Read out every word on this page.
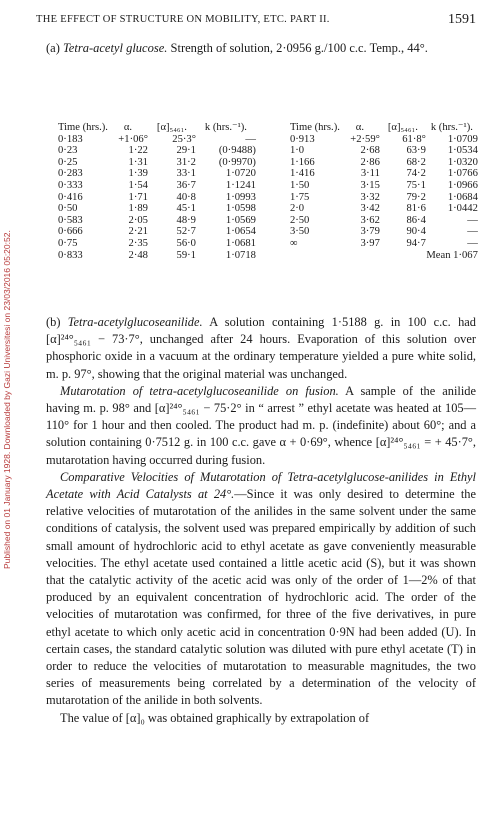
Published on 01 January 1928. Downloaded by Gazi Universitesi on 23/03/2016 05:20:52.
THE EFFECT OF STRUCTURE ON MOBILITY, ETC. PART II.	1591
(a) Tetra-acetyl glucose. Strength of solution, 2·0956 g./100 c.c. Temp., 44°.
Time (hrs.).	α.	[α]₅₄₆₁.	k (hrs.⁻¹).		Time (hrs.).	α.	[α]₅₄₆₁.	k (hrs.⁻¹).
0·183	+1·06°	25·3°	—		0·913	+2·59°	61·8°	1·0709
0·23	1·22	29·1	(0·9488)		1·0	2·68	63·9	1·0534
0·25	1·31	31·2	(0·9970)		1·166	2·86	68·2	1·0320
0·283	1·39	33·1	1·0720		1·416	3·11	74·2	1·0766
0·333	1·54	36·7	1·1241		1·50	3·15	75·1	1·0966
0·416	1·71	40·8	1·0993		1·75	3·32	79·2	1·0684
0·50	1·89	45·1	1·0598		2·0	3·42	81·6	1·0442
0·583	2·05	48·9	1·0569		2·50	3·62	86·4	—
0·666	2·21	52·7	1·0654		3·50	3·79	90·4	—
0·75	2·35	56·0	1·0681		∞	3·97	94·7	—
0·833	2·48	59·1	1·0718		Mean 1·067			

(b) Tetra-acetylglucoseanilide. A solution containing 1·5188 g. in 100 c.c. had [α]²⁴°₅₄₆₁ − 73·7°, unchanged after 24 hours. Evaporation of this solution over phosphoric oxide in a vacuum at the ordinary temperature yielded a pure white solid, m. p. 97°, showing that the original material was unchanged.

Mutarotation of tetra-acetylglucoseanilide on fusion. A sample of the anilide having m. p. 98° and [α]²⁴°₅₄₆₁ − 75·2° in “ arrest ” ethyl acetate was heated at 105—110° for 1 hour and then cooled. The product had m. p. (indefinite) about 60°; and a solution containing 0·7512 g. in 100 c.c. gave α + 0·69°, whence [α]²⁴°₅₄₆₁ = + 45·7°, mutarotation having occurred during fusion.

Comparative Velocities of Mutarotation of Tetra-acetylglucose-anilides in Ethyl Acetate with Acid Catalysts at 24°.—Since it was only desired to determine the relative velocities of mutarotation of the anilides in the same solvent under the same conditions of catalysis, the solvent used was prepared empirically by addition of such small amount of hydrochloric acid to ethyl acetate as gave conveniently measurable velocities. The ethyl acetate used contained a little acetic acid (S), but it was shown that the catalytic activity of the acetic acid was only of the order of 1—2% of that produced by an equivalent concentration of hydrochloric acid. The order of the velocities of mutarotation was confirmed, for three of the five derivatives, in pure ethyl acetate to which only acetic acid in concentration 0·9N had been added (U). In certain cases, the standard catalytic solution was diluted with pure ethyl acetate (T) in order to reduce the velocities of mutarotation to measurable magnitudes, the two series of measurements being correlated by a determination of the velocity of mutarotation of the anilide in both solvents.

The value of [α]₀ was obtained graphically by extrapolation of
